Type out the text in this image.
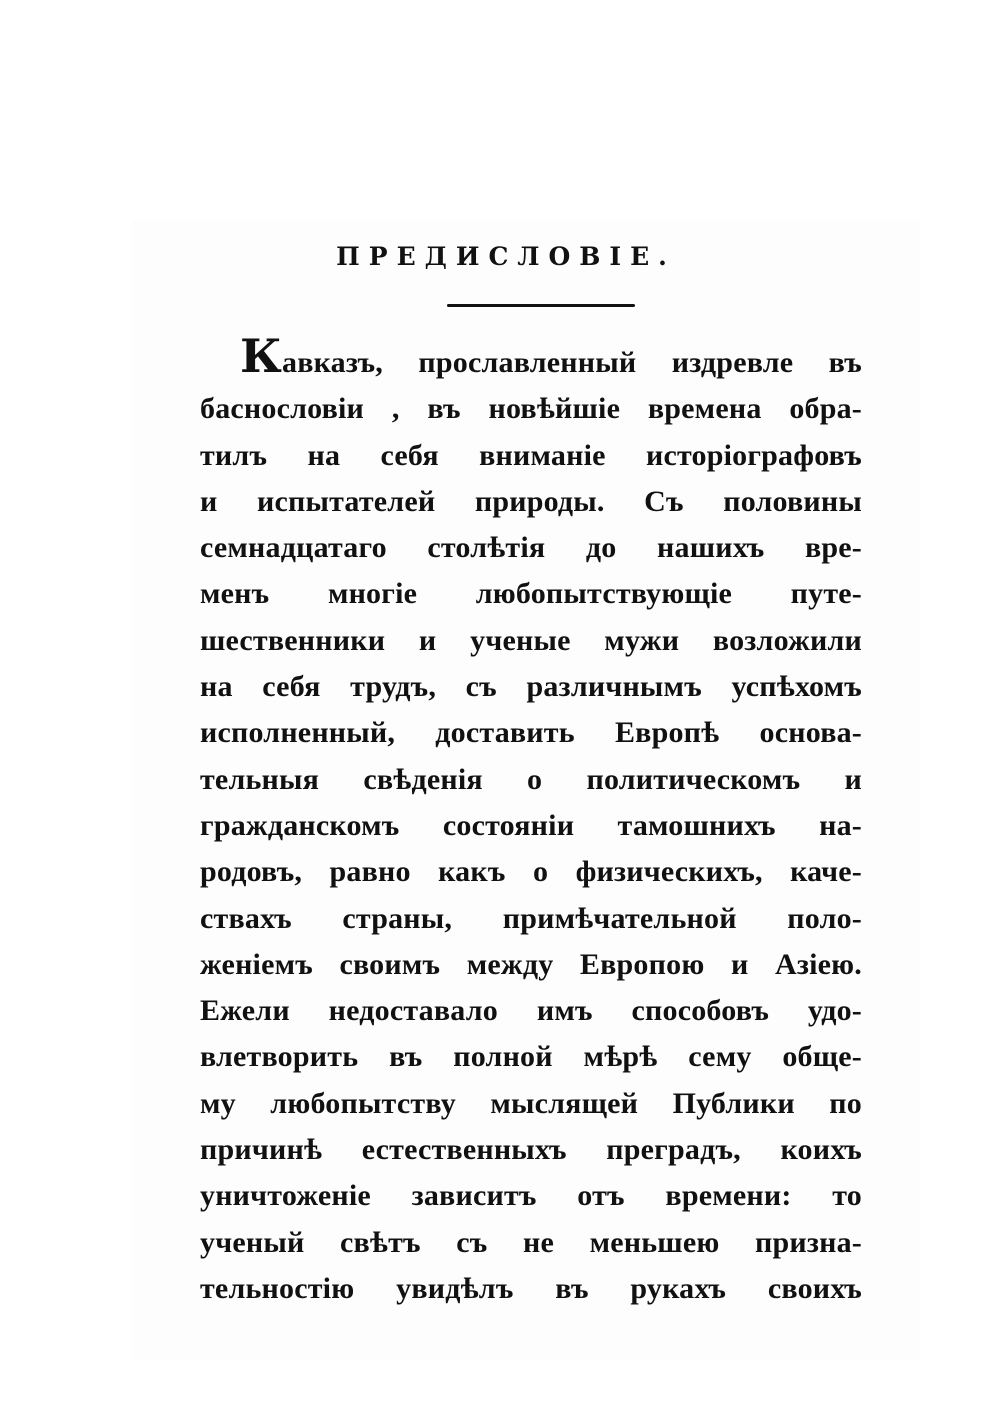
ПРЕДИСЛОВІЕ.
Кавказъ, прославленный издревле въ
баснословіи , въ новѣйшіе времена обра-
тилъ на себя вниманіе исторіографовъ
и испытателей природы. Съ половины
семнадцатаго столѣтія до нашихъ вре-
менъ многіе любопытствующіе путе-
шественники и ученые мужи возложили
на себя трудъ, съ различнымъ успѣхомъ
исполненный, доставить Европѣ основа-
тельныя свѣденія о политическомъ и
гражданскомъ состояніи тамошнихъ на-
родовъ, равно какъ о физическихъ, каче-
ствахъ страны, примѣчательной поло-
женіемъ своимъ между Европою и Азіею.
Ежели недоставало имъ способовъ удо-
влетворить въ полной мѣрѣ сему обще-
му любопытству мыслящей Публики по
причинѣ естественныхъ преградъ, коихъ
уничтоженіе зависитъ отъ времени: то
ученый свѣтъ съ не меньшею призна-
тельностію увидѣлъ въ рукахъ своихъ
